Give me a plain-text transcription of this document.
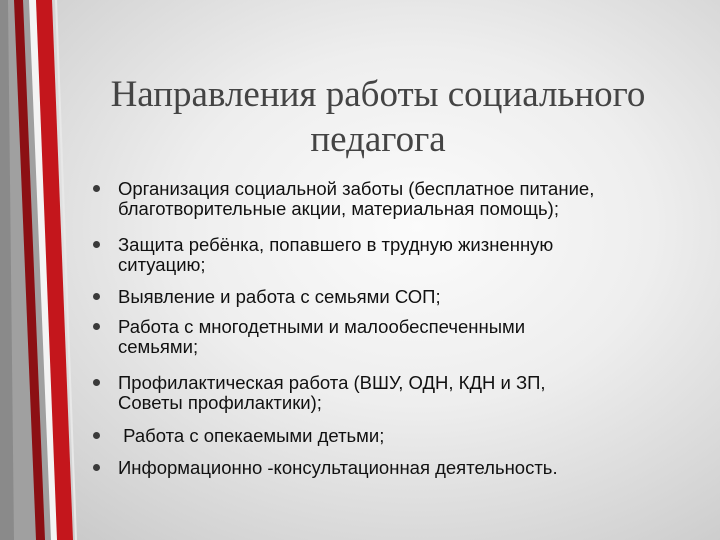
Направления работы социального
педагога
Организация социальной заботы (бесплатное питание,
благотворительные акции, материальная помощь);
Защита ребёнка, попавшего в трудную жизненную
ситуацию;
Выявление и работа с семьями СОП;
Работа с многодетными и малообеспеченными
семьями;
Профилактическая работа (ВШУ, ОДН, КДН и ЗП,
Советы профилактики);
Работа с опекаемыми детьми;
Информационно -консультационная деятельность.
